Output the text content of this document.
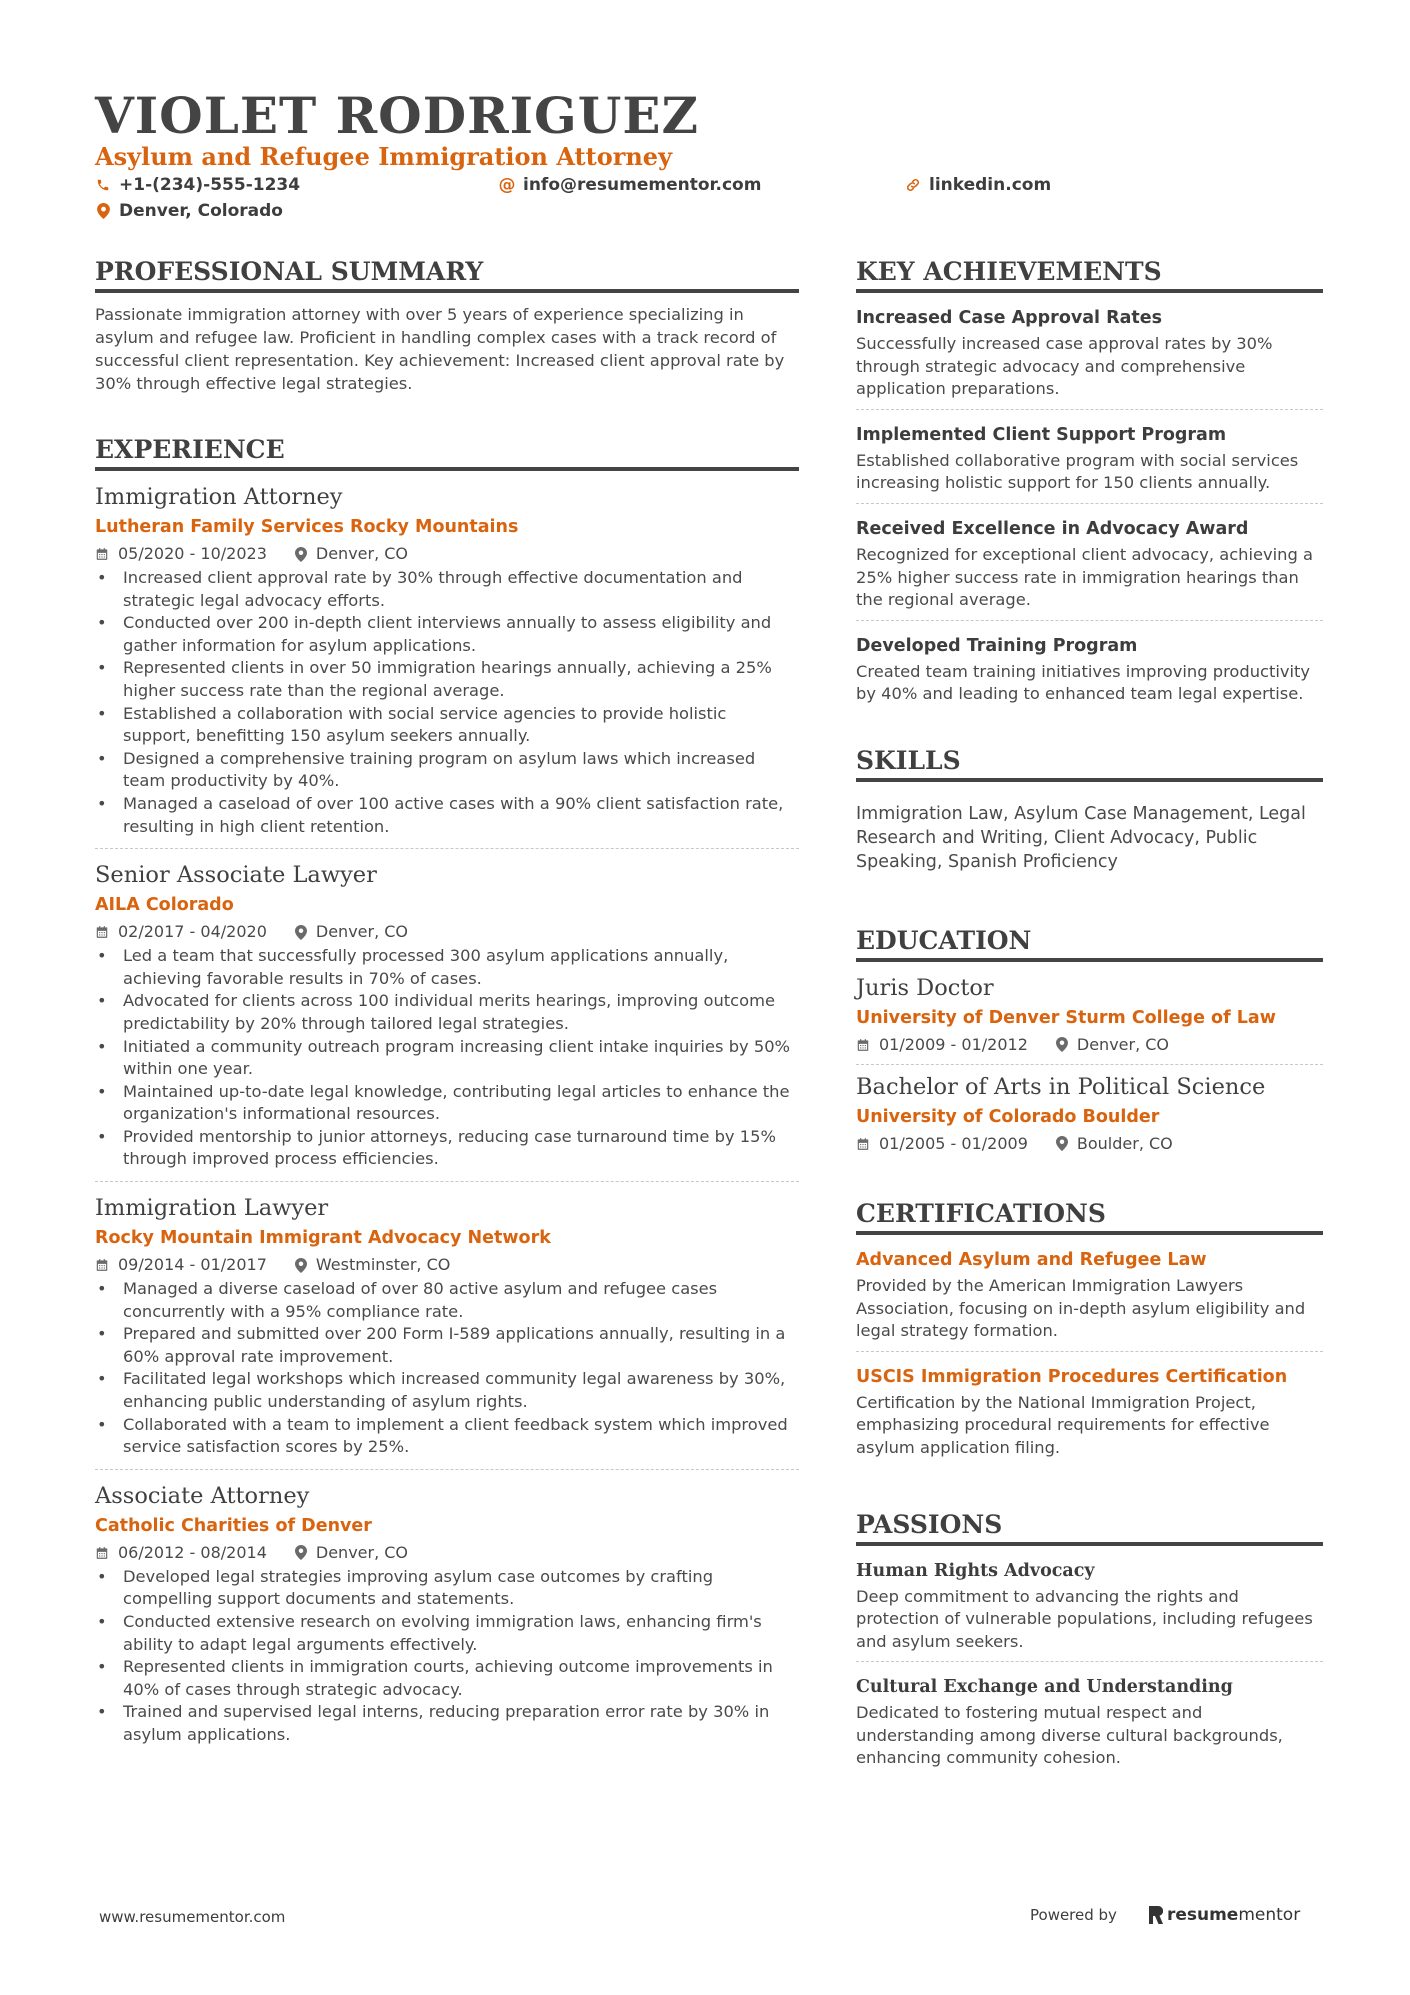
VIOLET RODRIGUEZ
Asylum and Refugee Immigration Attorney
+1-(234)-555-1234	@ info@resumementor.com	linkedin.com
Denver, Colorado
PROFESSIONAL SUMMARY

Passionate immigration attorney with over 5 years of experience specializing in asylum and refugee law. Proficient in handling complex cases with a track record of successful client representation. Key achievement: Increased client approval rate by 30% through effective legal strategies.

EXPERIENCE
Immigration Attorney
Lutheran Family Services Rocky Mountains
05/2020 - 10/2023	Denver, CO
• Increased client approval rate by 30% through effective documentation and strategic legal advocacy efforts.
• Conducted over 200 in-depth client interviews annually to assess eligibility and gather information for asylum applications.
• Represented clients in over 50 immigration hearings annually, achieving a 25% higher success rate than the regional average.
• Established a collaboration with social service agencies to provide holistic support, benefitting 150 asylum seekers annually.
• Designed a comprehensive training program on asylum laws which increased team productivity by 40%.
• Managed a caseload of over 100 active cases with a 90% client satisfaction rate, resulting in high client retention.
Senior Associate Lawyer
AILA Colorado
02/2017 - 04/2020	Denver, CO
• Led a team that successfully processed 300 asylum applications annually, achieving favorable results in 70% of cases.
• Advocated for clients across 100 individual merits hearings, improving outcome predictability by 20% through tailored legal strategies.
• Initiated a community outreach program increasing client intake inquiries by 50% within one year.
• Maintained up-to-date legal knowledge, contributing legal articles to enhance the organization's informational resources.
• Provided mentorship to junior attorneys, reducing case turnaround time by 15% through improved process efficiencies.
Immigration Lawyer
Rocky Mountain Immigrant Advocacy Network
09/2014 - 01/2017	Westminster, CO
• Managed a diverse caseload of over 80 active asylum and refugee cases concurrently with a 95% compliance rate.
• Prepared and submitted over 200 Form I-589 applications annually, resulting in a 60% approval rate improvement.
• Facilitated legal workshops which increased community legal awareness by 30%, enhancing public understanding of asylum rights.
• Collaborated with a team to implement a client feedback system which improved service satisfaction scores by 25%.
Associate Attorney
Catholic Charities of Denver
06/2012 - 08/2014	Denver, CO
• Developed legal strategies improving asylum case outcomes by crafting compelling support documents and statements.
• Conducted extensive research on evolving immigration laws, enhancing firm's ability to adapt legal arguments effectively.
• Represented clients in immigration courts, achieving outcome improvements in 40% of cases through strategic advocacy.
• Trained and supervised legal interns, reducing preparation error rate by 30% in asylum applications.
KEY ACHIEVEMENTS
Increased Case Approval Rates
Successfully increased case approval rates by 30% through strategic advocacy and comprehensive application preparations.
Implemented Client Support Program
Established collaborative program with social services increasing holistic support for 150 clients annually.
Received Excellence in Advocacy Award
Recognized for exceptional client advocacy, achieving a 25% higher success rate in immigration hearings than the regional average.
Developed Training Program
Created team training initiatives improving productivity by 40% and leading to enhanced team legal expertise.
SKILLS
Immigration Law, Asylum Case Management, Legal Research and Writing, Client Advocacy, Public Speaking, Spanish Proficiency
EDUCATION
Juris Doctor
University of Denver Sturm College of Law
01/2009 - 01/2012	Denver, CO
Bachelor of Arts in Political Science
University of Colorado Boulder
01/2005 - 01/2009	Boulder, CO
CERTIFICATIONS
Advanced Asylum and Refugee Law
Provided by the American Immigration Lawyers Association, focusing on in-depth asylum eligibility and legal strategy formation.
USCIS Immigration Procedures Certification
Certification by the National Immigration Project, emphasizing procedural requirements for effective asylum application filing.
PASSIONS
Human Rights Advocacy
Deep commitment to advancing the rights and protection of vulnerable populations, including refugees and asylum seekers.
Cultural Exchange and Understanding
Dedicated to fostering mutual respect and understanding among diverse cultural backgrounds, enhancing community cohesion.
www.resumementor.com	Powered by	resume mentor
